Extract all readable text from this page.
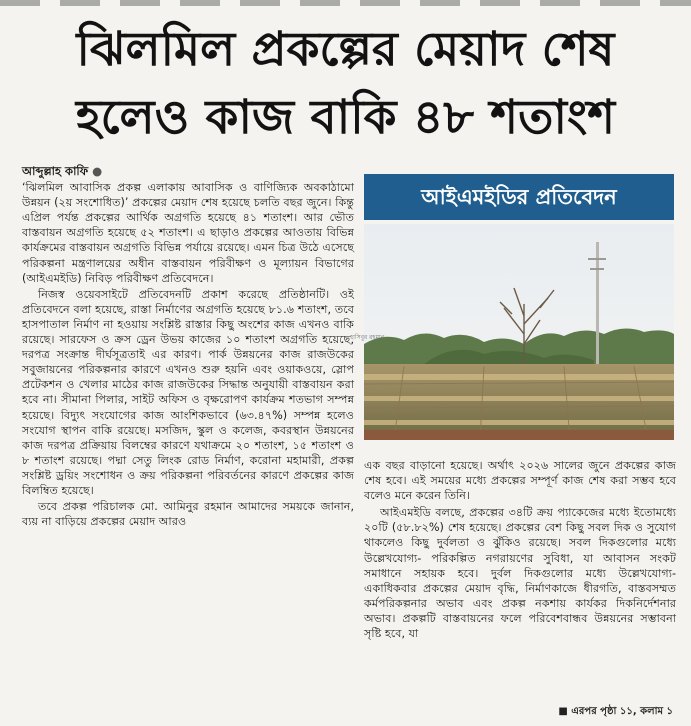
ঝিলমিল প্রকল্পের মেয়াদ শেষ
হলেও কাজ বাকি ৪৮ শতাংশ
আব্দুল্লাহ কাফি ●

‘ঝিলমিল আবাসিক প্রকল্প এলাকায় আবাসিক ও বাণিজ্যিক অবকাঠামো উন্নয়ন (২য় সংশোধিত)’ প্রকল্পের মেয়াদ শেষ হয়েছে চলতি বছর জুনে। কিন্তু এপ্রিল পর্যন্ত প্রকল্পের আর্থিক অগ্রগতি হয়েছে ৪১ শতাংশ। আর ভৌত বাস্তবায়ন অগ্রগতি হয়েছে ৫২ শতাংশ। এ ছাড়াও প্রকল্পের আওতায় বিভিন্ন কার্যক্রমের বাস্তবায়ন অগ্রগতি বিভিন্ন পর্যায়ে রয়েছে। এমন চিত্র উঠে এসেছে পরিকল্পনা মন্ত্রণালয়ের অধীন বাস্তবায়ন পরিবীক্ষণ ও মূল্যায়ন বিভাগের (আইএমইডি) নিবিড় পরিবীক্ষণ প্রতিবেদনে।

নিজস্ব ওয়েবসাইটে প্রতিবেদনটি প্রকাশ করেছে প্রতিষ্ঠানটি। ওই প্রতিবেদনে বলা হয়েছে, রাস্তা নির্মাণের অগ্রগতি হয়েছে ৮১.৬ শতাংশ, তবে হাসপাতাল নির্মাণ না হওয়ায় সংশ্লিষ্ট রাস্তার কিছু অংশের কাজ এখনও বাকি রয়েছে। সারফেস ও ক্রস ড্রেন উভয় কাজের ১০ শতাংশ অগ্রগতি হয়েছে, দরপত্র সংক্রান্ত দীর্ঘসূত্রতাই এর কারণ। পার্ক উন্নয়নের কাজ রাজউকের সবুজায়নের পরিকল্পনার কারণে এখনও শুরু হয়নি এবং ওয়াকওয়ে, স্লোপ প্রটেকশন ও খেলার মাঠের কাজ রাজউকের সিদ্ধান্ত অনুযায়ী বাস্তবায়ন করা হবে না। সীমানা পিলার, সাইট অফিস ও বৃক্ষরোপণ কার্যক্রম শতভাগ সম্পন্ন হয়েছে। বিদ্যুৎ সংযোগের কাজ আংশিকভাবে (৬৩.৪৭%) সম্পন্ন হলেও সংযোগ স্থাপন বাকি রয়েছে। মসজিদ, স্কুল ও কলেজ, কবরস্থান উন্নয়নের কাজ দরপত্র প্রক্রিয়ায় বিলম্বের কারণে যথাক্রমে ২০ শতাংশ, ১৫ শতাংশ ও ৮ শতাংশ রয়েছে। পদ্মা সেতু লিংক রোড নির্মাণ, করোনা মহামারী, প্রকল্প সংশ্লিষ্ট ড্রয়িং সংশোধন ও ক্রয় পরিকল্পনা পরিবর্তনের কারণে প্রকল্পের কাজ বিলম্বিত হয়েছে।

তবে প্রকল্প পরিচালক মো. আমিনুর রহমান আমাদের সময়কে জানান, ব্যয় না বাড়িয়ে প্রকল্পের মেয়াদ আরও

আইএমইডির প্রতিবেদন
হাসিবুর রহমান

এক বছর বাড়ানো হয়েছে। অর্থাৎ ২০২৬ সালের জুনে প্রকল্পের কাজ শেষ হবে। এই সময়ের মধ্যে প্রকল্পের সম্পূর্ণ কাজ শেষ করা সম্ভব হবে বলেও মনে করেন তিনি।

আইএমইডি বলছে, প্রকল্পের ৩৪টি ক্রয় প্যাকেজের মধ্যে ইতোমধ্যে ২০টি (৫৮.৮২%) শেষ হয়েছে। প্রকল্পের বেশ কিছু সবল দিক ও সুযোগ থাকলেও কিছু দুর্বলতা ও ঝুঁকিও রয়েছে। সবল দিকগুলোর মধ্যে উল্লেখযোগ্য- পরিকল্পিত নগরায়ণের সুবিধা, যা আবাসন সংকট সমাধানে সহায়ক হবে। দুর্বল দিকগুলোর মধ্যে উল্লেখযোগ্য- একাধিকবার প্রকল্পের মেয়াদ বৃদ্ধি, নির্মাণকাজে ধীরগতি, বাস্তবসম্মত কর্মপরিকল্পনার অভাব এবং প্রকল্প নকশায় কার্যকর দিকনির্দেশনার অভাব। প্রকল্পটি বাস্তবায়নের ফলে পরিবেশবান্ধব উন্নয়নের সম্ভাবনা সৃষ্টি হবে, যা

■ এরপর পৃষ্ঠা ১১, কলাম ১
